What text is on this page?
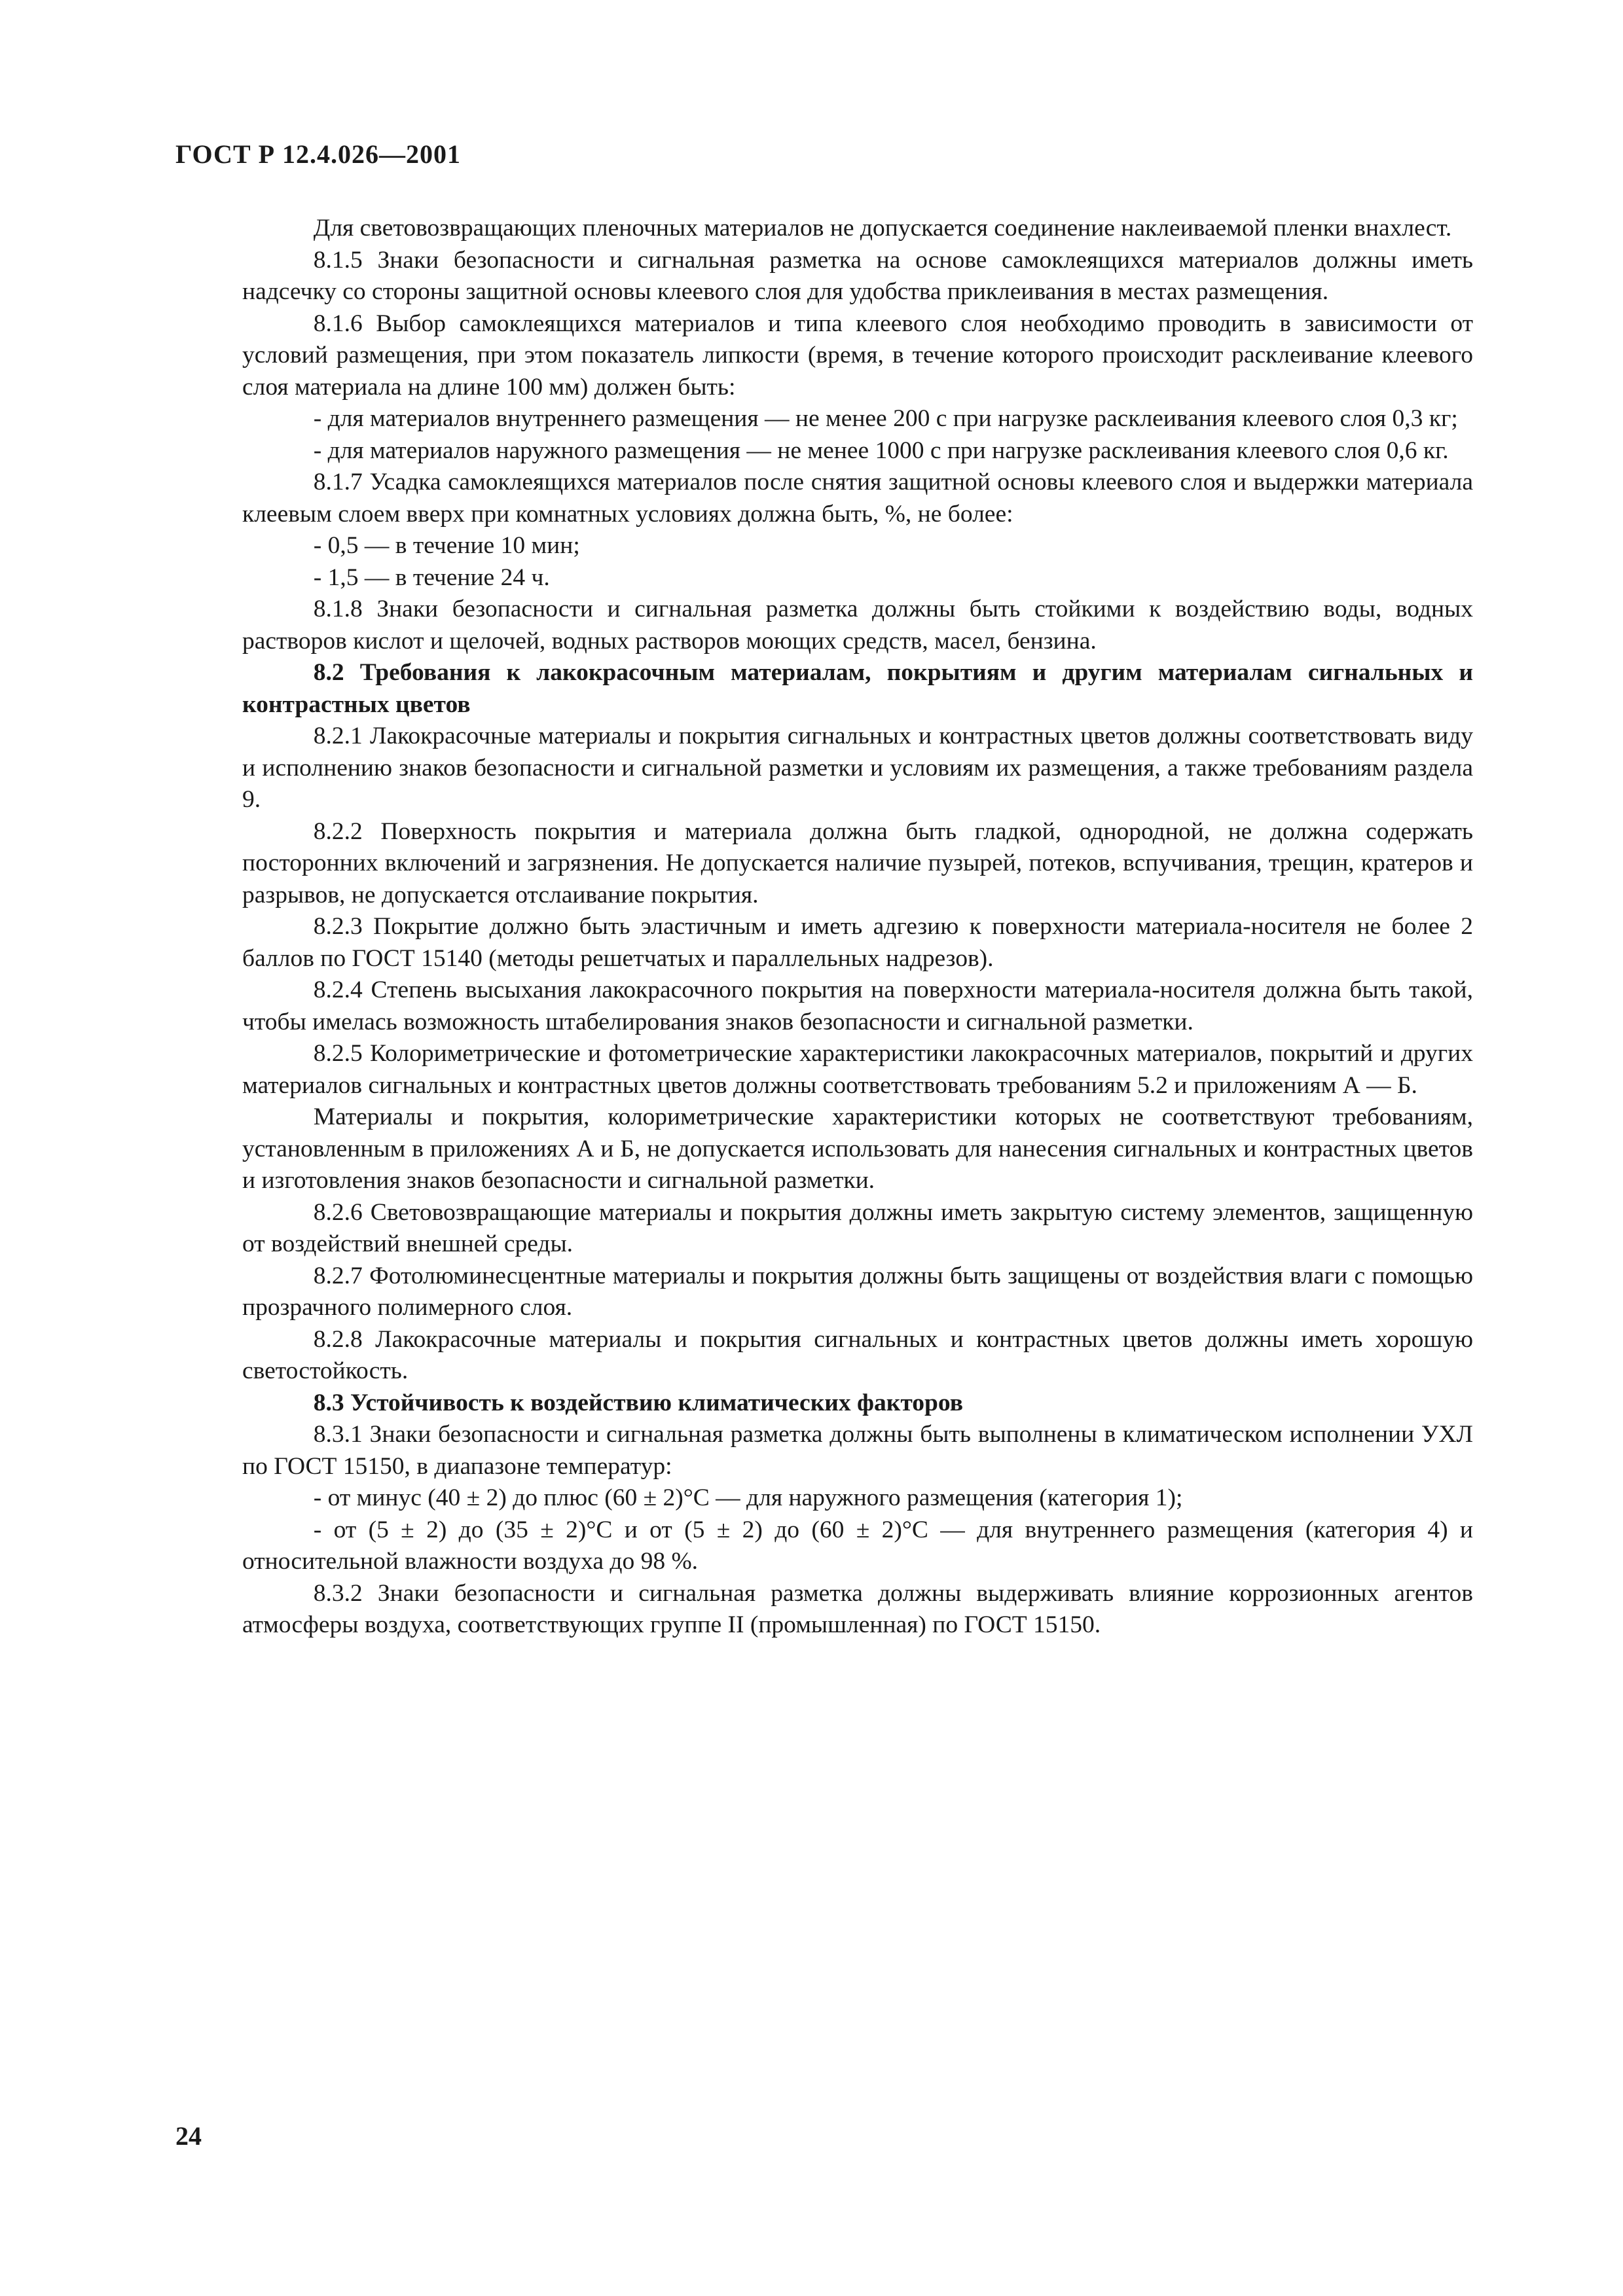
ГОСТ Р 12.4.026—2001

Для световозвращающих пленочных материалов не допускается соединение наклеиваемой пленки внахлест.

8.1.5 Знаки безопасности и сигнальная разметка на основе самоклеящихся материалов должны иметь надсечку со стороны защитной основы клеевого слоя для удобства приклеивания в местах размещения.

8.1.6 Выбор самоклеящихся материалов и типа клеевого слоя необходимо проводить в зависимости от условий размещения, при этом показатель липкости (время, в течение которого происходит расклеивание клеевого слоя материала на длине 100 мм) должен быть:

- для материалов внутреннего размещения — не менее 200 с при нагрузке расклеивания клеевого слоя 0,3 кг;

- для материалов наружного размещения — не менее 1000 с при нагрузке расклеивания клеевого слоя 0,6 кг.

8.1.7 Усадка самоклеящихся материалов после снятия защитной основы клеевого слоя и выдержки материала клеевым слоем вверх при комнатных условиях должна быть, %, не более:

- 0,5 — в течение 10 мин;

- 1,5 — в течение 24 ч.

8.1.8 Знаки безопасности и сигнальная разметка должны быть стойкими к воздействию воды, водных растворов кислот и щелочей, водных растворов моющих средств, масел, бензина.

8.2 Требования к лакокрасочным материалам, покрытиям и другим материалам сигнальных и контрастных цветов

8.2.1 Лакокрасочные материалы и покрытия сигнальных и контрастных цветов должны соответствовать виду и исполнению знаков безопасности и сигнальной разметки и условиям их размещения, а также требованиям раздела 9.

8.2.2 Поверхность покрытия и материала должна быть гладкой, однородной, не должна содержать посторонних включений и загрязнения. Не допускается наличие пузырей, потеков, вспучивания, трещин, кратеров и разрывов, не допускается отслаивание покрытия.

8.2.3 Покрытие должно быть эластичным и иметь адгезию к поверхности материала-носителя не более 2 баллов по ГОСТ 15140 (методы решетчатых и параллельных надрезов).

8.2.4 Степень высыхания лакокрасочного покрытия на поверхности материала-носителя должна быть такой, чтобы имелась возможность штабелирования знаков безопасности и сигнальной разметки.

8.2.5 Колориметрические и фотометрические характеристики лакокрасочных материалов, покрытий и других материалов сигнальных и контрастных цветов должны соответствовать требованиям 5.2 и приложениям А — Б.

Материалы и покрытия, колориметрические характеристики которых не соответствуют требованиям, установленным в приложениях А и Б, не допускается использовать для нанесения сигнальных и контрастных цветов и изготовления знаков безопасности и сигнальной разметки.

8.2.6 Световозвращающие материалы и покрытия должны иметь закрытую систему элементов, защищенную от воздействий внешней среды.

8.2.7 Фотолюминесцентные материалы и покрытия должны быть защищены от воздействия влаги с помощью прозрачного полимерного слоя.

8.2.8 Лакокрасочные материалы и покрытия сигнальных и контрастных цветов должны иметь хорошую светостойкость.

8.3 Устойчивость к воздействию климатических факторов

8.3.1 Знаки безопасности и сигнальная разметка должны быть выполнены в климатическом исполнении УХЛ по ГОСТ 15150, в диапазоне температур:

- от минус (40 ± 2) до плюс (60 ± 2)°С — для наружного размещения (категория 1);

- от (5 ± 2) до (35 ± 2)°С и от (5 ± 2) до (60 ± 2)°С — для внутреннего размещения (категория 4) и относительной влажности воздуха до 98 %.

8.3.2 Знаки безопасности и сигнальная разметка должны выдерживать влияние коррозионных агентов атмосферы воздуха, соответствующих группе II (промышленная) по ГОСТ 15150.

24
